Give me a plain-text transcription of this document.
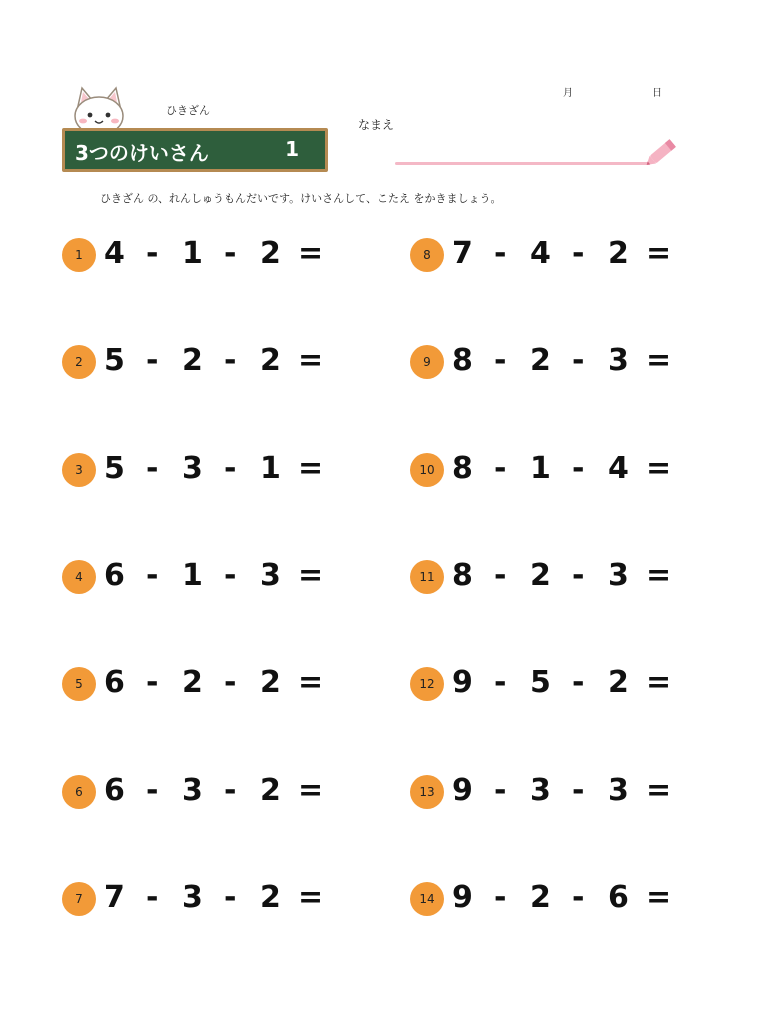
ひきざん
3つのけいさん	1
なまえ
月	日
ひきざん の、れんしゅうもんだいです。けいさんして、こたえ をかきましょう。
1 4 - 1 - 2 =
2 5 - 2 - 2 =
3 5 - 3 - 1 =
4 6 - 1 - 3 =
5 6 - 2 - 2 =
6 6 - 3 - 2 =
7 7 - 3 - 2 =
8 7 - 4 - 2 =
9 8 - 2 - 3 =
10 8 - 1 - 4 =
11 8 - 2 - 3 =
12 9 - 5 - 2 =
13 9 - 3 - 3 =
14 9 - 2 - 6 =
